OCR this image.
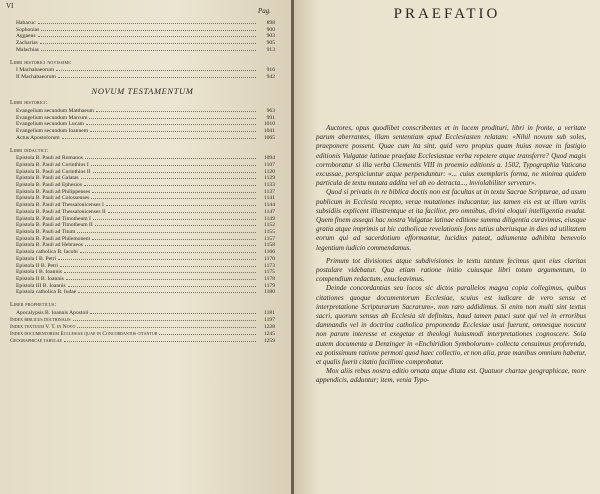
VI
Pag.
Habacuc	898
Sophonias	900
Aggaeus	903
Zacharias	905
Malachias	913
Libri historici novissimi:
I Machabaeorum	916
II Machabaeorum	942
NOVUM TESTAMENTUM
Libri historici:
Evangelium secundum Matthaeum	963
Evangelium secundum Marcum	991
Evangelium secundum Lucam	1010
Evangelium secundum Ioannem	1041
Actus Apostolorum	1065
Libri didactici:
Epistola B. Pauli ad Romanos	1094
Epistola B. Pauli ad Corinthios I	1107
Epistola B. Pauli ad Corinthios II	1120
Epistola B. Pauli ad Galatas	1129
Epistola B. Pauli ad Ephesios	1133
Epistola B. Pauli ad Philippenses	1137
Epistola B. Pauli ad Colossenses	1141
Epistola B. Pauli ad Thessalonicenses I	1144
Epistola B. Pauli ad Thessalonicenses II	1147
Epistola B. Pauli ad Timotheum I	1149
Epistola B. Pauli ad Timotheum II	1152
Epistola B. Pauli ad Titum	1155
Epistola B. Pauli ad Philemonem	1157
Epistola B. Pauli ad Hebraeos	1158
Epistola catholica B. Iacobi	1166
Epistola I B. Petri	1170
Epistola II B. Petri	1173
Epistola I B. Ioannis	1175
Epistola II B. Ioannis	1178
Epistola III B. Ioannis	1179
Epistola catholica B. Iudae	1180
Liber propheticus:
Apocalypsis B. Ioannis Apostoli	1181
Index biblicus doctrinalis	1197
Index textuum V. T. in Novo	1228
Index documentorum Ecclesiae quae in Concordantiis citantur	1245
Geographicae tabulae	1259
PRAEFATIO

Auctores, opus quodlibet conscribentes et in lucem prodituri, libri in fronte, a veritate parum aberrantes, illam sententiam apud Ecclesiasten relatam: «Nihil novum sub soles, praeponere possent. Quae cum ita sint, quid vero propius quam huius novae in fastigio editionis Vulgatae latinae praefata Ecclesiastae verba repetere atque transferre? Quod magis corroboratur si illa verba Clementis VIII in proemio editionis a. 1502, Typographia Vaticana excussae, perspiciuntur atque perpenduntur: «... cuius exemplaris forma, ne minima quidem particula de textu mutata addita vel ab eo detracta..., inviolabiliter servetur».

Quod si privatis in re biblica doctis non est facultas ut in textu Sacrae Scripturae, ad usum publicum in Ecclesia recepto, verae mutationes inducantur, ius tamen eis est ut illum variis subsidiis explicent illustrentque et ita facilior, pro omnibus, divini eloquii intelligentia evadat. Quem finem assequi hac nostra Vulgatae latinae editione summa diligentia curavimus, eiusque gratia atque imprimis ut hic catholicae revelationis fons tutius uberiusque in dies ad utilitatem eorum qui ad sacerdotium efformantur, lucidius pateat, adiumenta adhibita benevolo legentium iudicio commendamus.

Primum tot divisiones atque subdivisiones in textu tantum fecimus quot eius claritas postulare videbatur. Qua etiam ratione initio cuiusque libri totum argumentum, in compendium redactum, enucleavimus.

Deinde concordantias seu locos sic dictos parallelos magna copia collegimus, quibus citationes quoque documentorum Ecclesiae, scuius est iudicare de vero sensu et interpretatione Scripturarum Sacrarum», non raro addidimus. Si enim non multi sint textus sacri, quorum sensus ab Ecclesia sit definitus, haud tamen pauci sunt qui vel in erroribus damnandis vel in doctrina catholica proponenda Ecclesiae usui fuerunt, omnesque noscunt non parum interesse et exegetae et theologi huiusmodi interpretationes cognoscere. Sola autem documenta a Denzinger in «Enchiridion Symbolorum» collecta censuimus proferenda, ea potissimum ratione permoti quod haec collectio, et non alia, prae manibus omnium habetur, et qualis fuerit citatio facillime comprobatur.

Mox aliis rebus nostra editio ornata atque ditata est. Quatuor chartae geographicae, more appendicis, adduntur; item, venia Typo-
